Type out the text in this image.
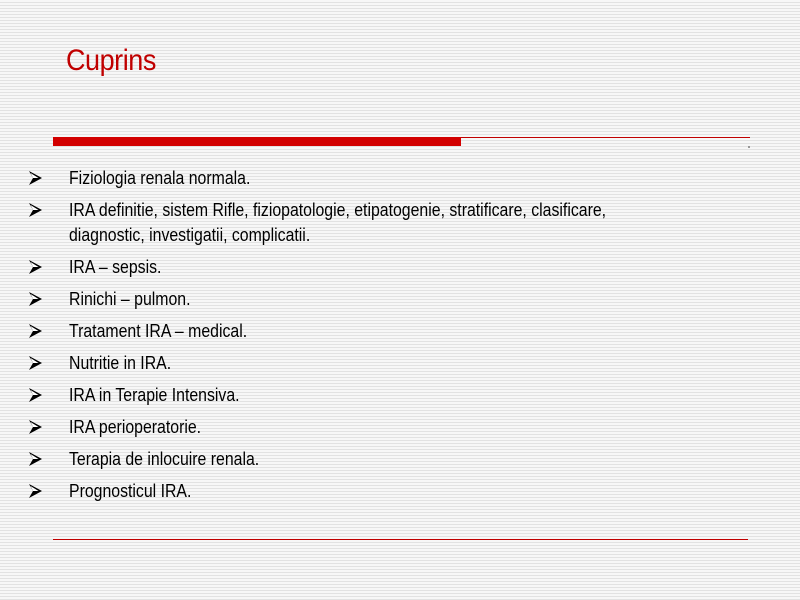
Cuprins
Fiziologia renala normala.
IRA definitie, sistem Rifle, fiziopatologie, etipatogenie, stratificare, clasificare, diagnostic, investigatii, complicatii.
IRA – sepsis.
Rinichi – pulmon.
Tratament IRA – medical.
Nutritie in IRA.
IRA in Terapie Intensiva.
IRA perioperatorie.
Terapia de inlocuire renala.
Prognosticul IRA.
